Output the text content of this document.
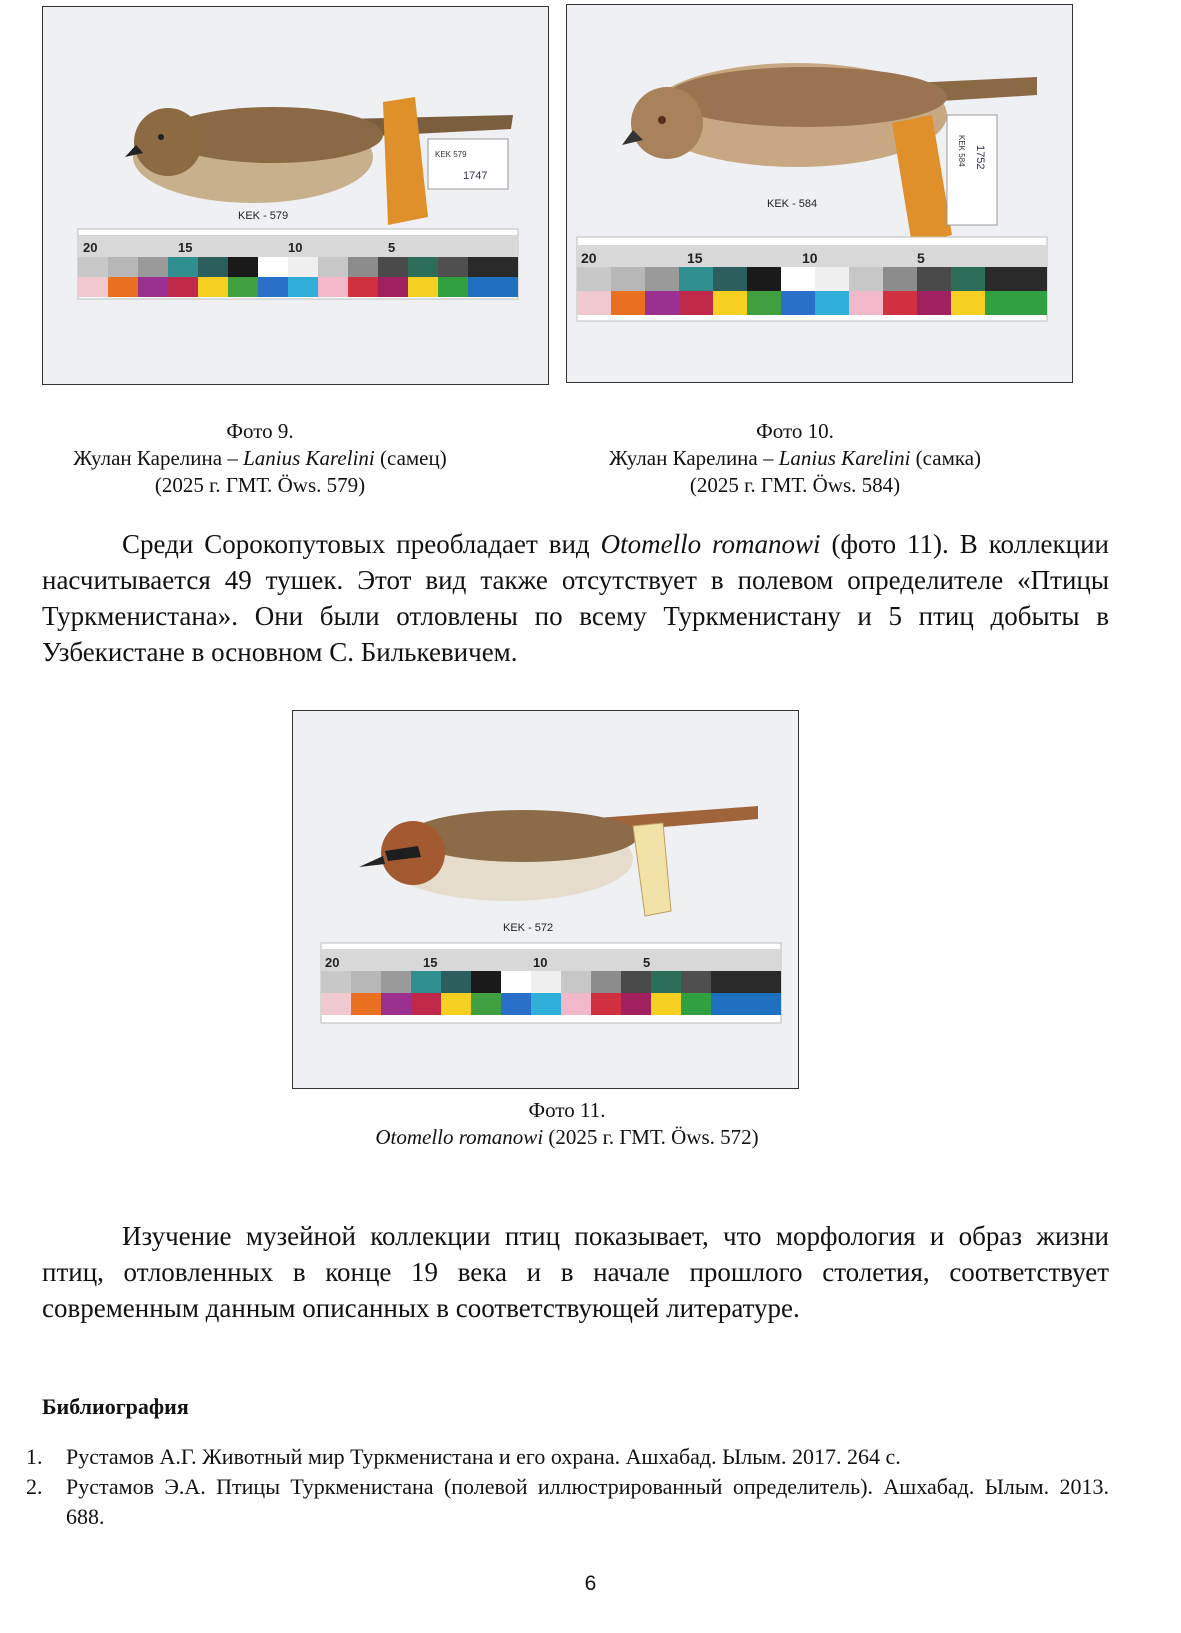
KEK 579
1747
KEK - 579
20	15	10	5
KEK 584 1752
KEK - 584
20	15	10	5
Фото 9.
Жулан Карелина – Lanius Karelini (самец)
(2025 г. ГМТ. Öws. 579)
Фото 10.
Жулан Карелина – Lanius Karelini (самка)
(2025 г. ГМТ. Öws. 584)

Среди Сорокопутовых преобладает вид Otomello romanowi (фото 11). В коллекции насчитывается 49 тушек. Этот вид также отсутствует в полевом определителе «Птицы Туркменистана». Они были отловлены по всему Туркменистану и 5 птиц добыты в Узбекистане в основном С. Билькевичем.

KEK - 572
20	15	10	5
Фото 11.
Otomello romanowi (2025 г. ГМТ. Öws. 572)

Изучение музейной коллекции птиц показывает, что морфология и образ жизни птиц, отловленных в конце 19 века и в начале прошлого столетия, соответствует современным данным описанных в соответствующей литературе.

Библиография
1. Рустамов А.Г. Животный мир Туркменистана и его охрана. Ашхабад. Ылым. 2017. 264 с.
2. Рустамов Э.А. Птицы Туркменистана (полевой иллюстрированный определитель). Ашхабад. Ылым. 2013. 688.
6
